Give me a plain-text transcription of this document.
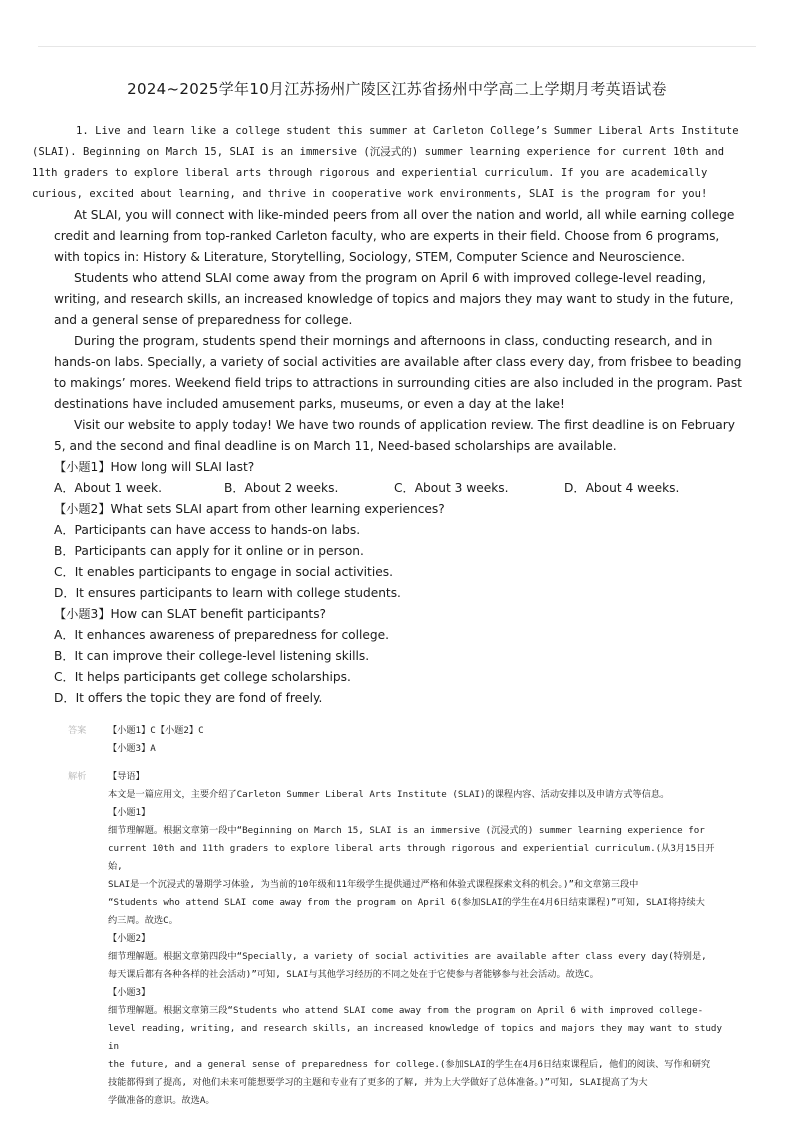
2024~2025学年10月江苏扬州广陵区江苏省扬州中学高二上学期月考英语试卷
1. Live and learn like a college student this summer at Carleton College’s Summer Liberal Arts Institute
(SLAI). Beginning on March 15, SLAI is an immersive (沉浸式的) summer learning experience for current 10th and
11th graders to explore liberal arts through rigorous and experiential curriculum. If you are academically
curious, excited about learning, and thrive in cooperative work environments, SLAI is the program for you!

At SLAI, you will connect with like-minded peers from all over the nation and world, all while earning college credit and learning from top-ranked Carleton faculty, who are experts in their field. Choose from 6 programs, with topics in: History & Literature, Storytelling, Sociology, STEM, Computer Science and Neuroscience.

Students who attend SLAI come away from the program on April 6 with improved college-level reading, writing, and research skills, an increased knowledge of topics and majors they may want to study in the future, and a general sense of preparedness for college.

During the program, students spend their mornings and afternoons in class, conducting research, and in hands-on labs. Specially, a variety of social activities are available after class every day, from frisbee to beading to makings’ mores. Weekend field trips to attractions in surrounding cities are also included in the program. Past destinations have included amusement parks, museums, or even a day at the lake!

Visit our website to apply today! We have two rounds of application review. The first deadline is on February 5, and the second and final deadline is on March 11, Need-based scholarships are available.

【小题1】How long will SLAI last?

A．About 1 week.	B．About 2 weeks.	C．About 3 weeks.	D．About 4 weeks.

【小题2】What sets SLAI apart from other learning experiences?

A．Participants can have access to hands-on labs.

B．Participants can apply for it online or in person.

C．It enables participants to engage in social activities.

D．It ensures participants to learn with college students.

【小题3】How can SLAT benefit participants?

A．It enhances awareness of preparedness for college.

B．It can improve their college-level listening skills.

C．It helps participants get college scholarships.

D．It offers the topic they are fond of freely.

答案	【小题1】C【小题2】C

【小题3】A

解析	【导语】

本文是一篇应用文，主要介绍了Carleton Summer Liberal Arts Institute (SLAI)的课程内容、活动安排以及申请方式等信息。

【小题1】

细节理解题。根据文章第一段中“Beginning on March 15, SLAI is an immersive (沉浸式的) summer learning experience for

current 10th and 11th graders to explore liberal arts through rigorous and experiential curriculum.(从3月15日开始,

SLAI是一个沉浸式的暑期学习体验, 为当前的10年级和11年级学生提供通过严格和体验式课程探索文科的机会。)”和文章第三段中

“Students who attend SLAI come away from the program on April 6(参加SLAI的学生在4月6日结束课程)”可知, SLAI将持续大

约三周。故选C。

【小题2】

细节理解题。根据文章第四段中“Specially, a variety of social activities are available after class every day(特别是,

每天课后都有各种各样的社会活动)”可知, SLAI与其他学习经历的不同之处在于它使参与者能够参与社会活动。故选C。

【小题3】

细节理解题。根据文章第三段“Students who attend SLAI come away from the program on April 6 with improved college-

level reading, writing, and research skills, an increased knowledge of topics and majors they may want to study in

the future, and a general sense of preparedness for college.(参加SLAI的学生在4月6日结束课程后, 他们的阅读、写作和研究

技能都得到了提高, 对他们未来可能想要学习的主题和专业有了更多的了解, 并为上大学做好了总体准备。)”可知, SLAI提高了为大

学做准备的意识。故选A。
